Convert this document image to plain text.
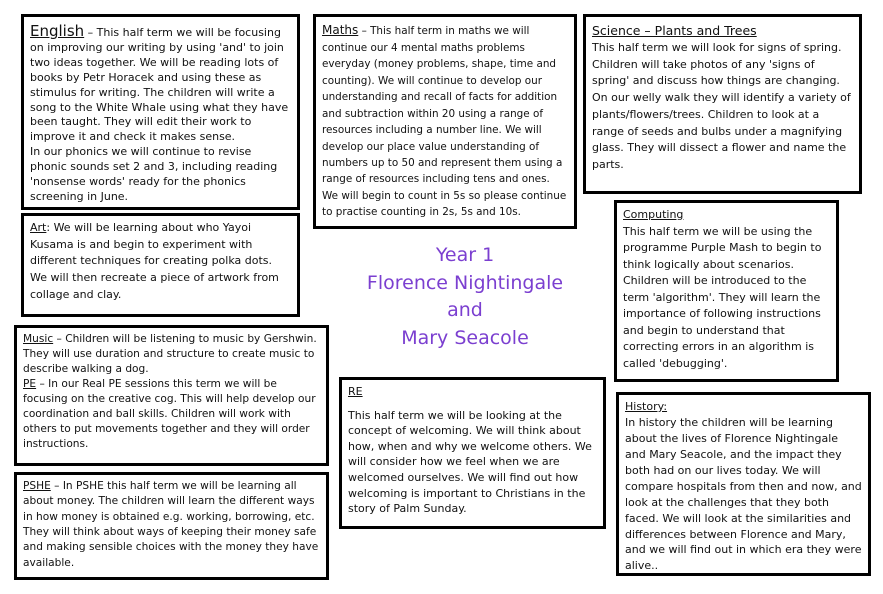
English – This half term we will be focusing on improving our writing by using 'and' to join two ideas together. We will be reading lots of books by Petr Horacek and using these as stimulus for writing. The children will write a song to the White Whale using what they have been taught. They will edit their work to improve it and check it makes sense.

In our phonics we will continue to revise phonic sounds set 2 and 3, including reading 'nonsense words' ready for the phonics screening in June.

Maths – This half term in maths we will continue our 4 mental maths problems everyday (money problems, shape, time and counting). We will continue to develop our understanding and recall of facts for addition and subtraction within 20 using a range of resources including a number line. We will develop our place value understanding of numbers up to 50 and represent them using a range of resources including tens and ones. We will begin to count in 5s so please continue to practise counting in 2s, 5s and 10s.

Science – Plants and Trees

This half term we will look for signs of spring. Children will take photos of any 'signs of spring' and discuss how things are changing. On our welly walk they will identify a variety of plants/flowers/trees. Children to look at a range of seeds and bulbs under a magnifying glass. They will dissect a flower and name the parts.

Art: We will be learning about who Yayoi Kusama is and begin to experiment with different techniques for creating polka dots.

We will then recreate a piece of artwork from collage and clay.

Year 1
Florence Nightingale
and
Mary Seacole

Computing

This half term we will be using the programme Purple Mash to begin to think logically about scenarios. Children will be introduced to the term 'algorithm'. They will learn the importance of following instructions and begin to understand that correcting errors in an algorithm is called 'debugging'.

Music – Children will be listening to music by Gershwin. They will use duration and structure to create music to describe walking a dog.

PE – In our Real PE sessions this term we will be focusing on the creative cog. This will help develop our coordination and ball skills. Children will work with others to put movements together and they will order instructions.

RE

This half term we will be looking at the concept of welcoming. We will think about how, when and why we welcome others. We will consider how we feel when we are welcomed ourselves. We will find out how welcoming is important to Christians in the story of Palm Sunday.

History:

In history the children will be learning about the lives of Florence Nightingale and Mary Seacole, and the impact they both had on our lives today. We will compare hospitals from then and now, and look at the challenges that they both faced. We will look at the similarities and differences between Florence and Mary, and we will find out in which era they were alive..

PSHE – In PSHE this half term we will be learning all about money. The children will learn the different ways in how money is obtained e.g. working, borrowing, etc. They will think about ways of keeping their money safe and making sensible choices with the money they have available.
